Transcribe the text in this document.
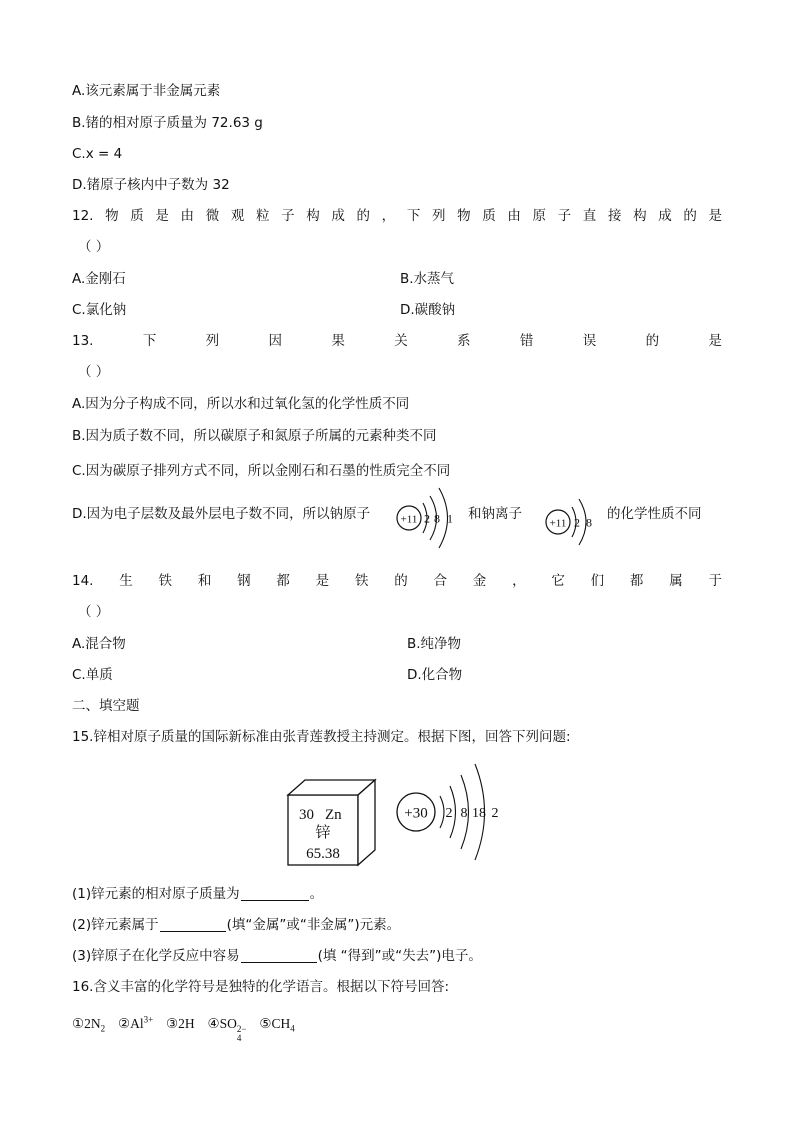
A.该元素属于非金属元素
B.锗的相对原子质量为 72.63 g
C.x = 4
D.锗原子核内中子数为 32
12. 物 质 是 由 微 观 粒 子 构 成 的 ， 下 列 物 质 由 原 子 直 接 构 成 的 是
（ ）
A.金刚石	B.水蒸气
C.氯化钠	D.碳酸钠
13.	下	列	因	果	关	系	错	误	的	是
（ ）
A.因为分子构成不同，所以水和过氧化氢的化学性质不同
B.因为质子数不同，所以碳原子和氮原子所属的元素种类不同
C.因为碳原子排列方式不同，所以金刚石和石墨的性质完全不同
D.因为电子层数及最外层电子数不同，所以钠原子	+11 2 8 1 和钠离子
+11 2 8
的化学性质不同
14. 生 铁 和 钢 都 是 铁 的 合 金 ， 它 们 都 属 于
（ ）
A.混合物	B.纯净物
C.单质	D.化合物
二、填空题
15.锌相对原子质量的国际新标准由张青莲教授主持测定。根据下图，回答下列问题:
30 Zn
锌
65.38
+30 2 8 18 2
(1)锌元素的相对原子质量为	。
(2)锌元素属于	(填“金属”或“非金属”)元素。
(3)锌原子在化学反应中容易	(填 “得到”或“失去”)电子。
16.含义丰富的化学符号是独特的化学语言。根据以下符号回答:
$①2N_2$ $②Al^{3+}$ ③2H ④SO 2−
4
$⑤CH_4$
